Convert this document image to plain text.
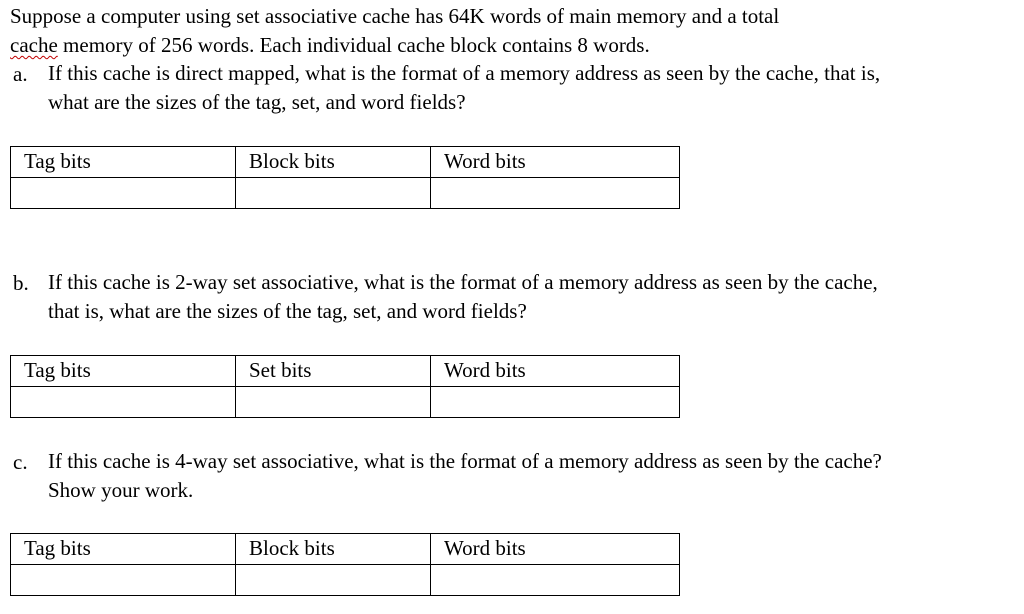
Suppose a computer using set associative cache has 64K words of main memory and a total
cache memory of 256 words. Each individual cache block contains 8 words.
a. If this cache is direct mapped, what is the format of a memory address as seen by the cache, that is,
what are the sizes of the tag, set, and word fields?
Tag bits	Block bits	Word bits

b. If this cache is 2-way set associative, what is the format of a memory address as seen by the cache,
that is, what are the sizes of the tag, set, and word fields?
Tag bits	Set bits	Word bits

c. If this cache is 4-way set associative, what is the format of a memory address as seen by the cache?
Show your work.
Tag bits	Block bits	Word bits
